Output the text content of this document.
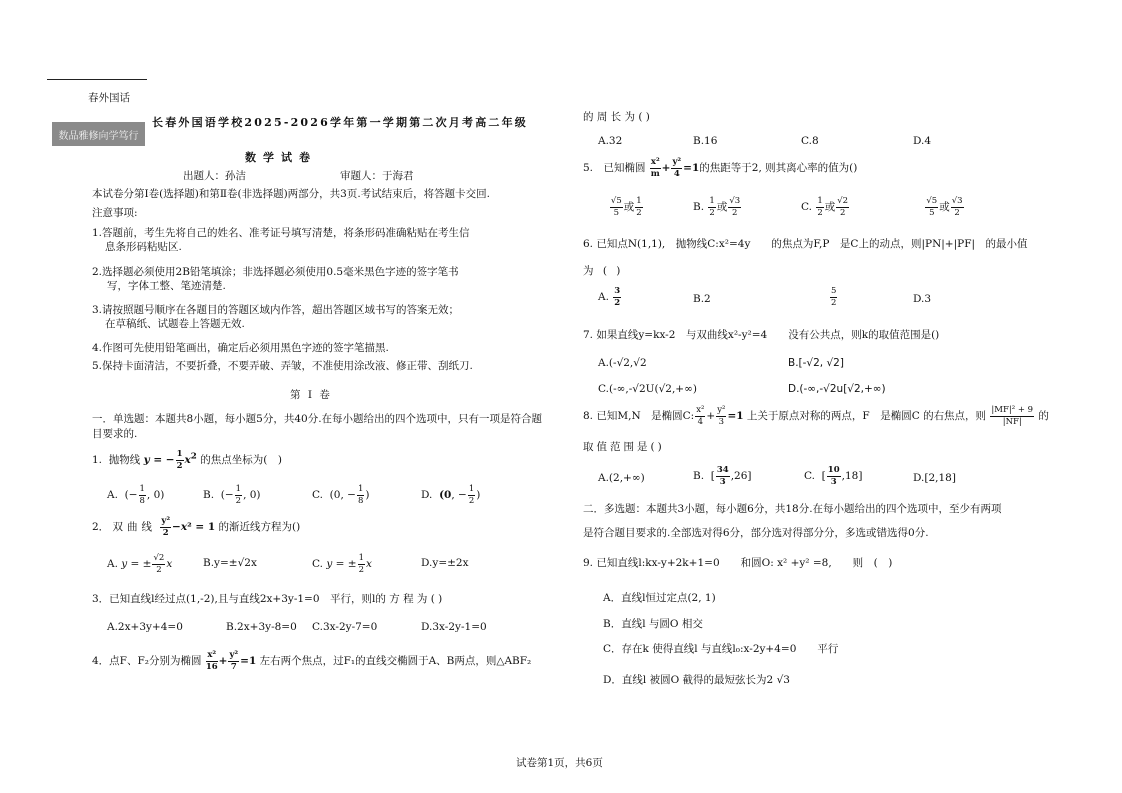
春外国话
数品雅修向学笃行
长春外国语学校2025-2026学年第一学期第二次月考高二年级
数学试卷
出题人：孙洁	审题人：于海君
本试卷分第Ⅰ卷(选择题)和第Ⅱ卷(非选择题)两部分，共3页.考试结束后，将答题卡交回.
注意事项:
1.答题前，考生先将自己的姓名、准考证号填写清楚，将条形码准确粘贴在考生信
息条形码粘贴区.
2.选择题必须使用2B铅笔填涂；非选择题必须使用0.5毫米黑色字迹的签字笔书
写，字体工整、笔迹清楚.
3.请按照题号顺序在各题目的答题区域内作答，超出答题区域书写的答案无效；
在草稿纸、试题卷上答题无效.
4.作图可先使用铅笔画出，确定后必须用黑色字迹的签字笔描黑.
5.保持卡面清洁，不要折叠，不要弄破、弄皱，不准使用涂改液、修正带、刮纸刀.
第 Ⅰ 卷
一．单选题：本题共8小题，每小题5分，共40分.在每小题给出的四个选项中，只有一项是符合题
目要求的.
1. 抛物线 y = − $\frac{1}{2} x^2$ 的焦点坐标为(　)
A.  (− $\frac{1}{8}$ , 0)	B.  (− $\frac{1}{2}$ , 0)	C.  (0, − $\frac{1}{8}$ )	D. (0, − $\frac{1}{2}$ )
2． 双曲线 $\frac{\text{y²}}{2} -x^2 = 1$ 的渐近线方程为()
A. y = ± $\frac{√2}{2}$ x	B.y=±√2x	C. y = ± $\frac{1}{2}$ x	D.y=±2x
3．已知直线l经过点(1,-2),且与直线2x+3y-1=0　平行，则l的 方 程 为 ( )
A.2x+3y+4=0	B.2x+3y-8=0 C.3x-2y-7=0	D.3x-2y-1=0
4．点F、F₂分别为椭圆 $\frac{\text{x²}}{16} + \frac{\text{y²}}{7} =1$ 左右两个焦点，过F₁的直线交椭圆于A、B两点，则△ABF₂
的 周 长 为 ( )
A.32	B.16	C.8	D.4
5.　已知椭圆 $\frac{\text{x²}}{m} + \frac{\text{y²}}{4} =1$的焦距等于2, 则其离心率的值为()
A. $\frac{√5}{5}$ 或 $\frac{1}{2}$	B. $\frac{1}{2}$ 或 $\frac{√3}{2}$	C. $\frac{1}{2}$ 或 $\frac{√2}{2}$	D. $\frac{√5}{5}$ 或 $\frac{√3}{2}$
6. 已知点N(1,1),　抛物线C:x²=4y　　的焦点为F,P　是C上的动点，则|PN|+|PF|　的最小值
为 ( )
A. $\frac{3}{2}$	B.2	C. $\frac{5}{2}$	D.3
7. 如果直线y=kx-2　与双曲线x²-y²=4　　没有公共点，则k的取值范围是()
A.(-√2,√2	B.[-√2, √2]
C.(-∞,-√2U(√2,+∞)	D.(-∞,-√2u[√2,+∞)
8. 已知M,N　是椭圆C: $\frac{\text{x²}}{4} + \frac{\text{y²}}{3} =1$ 上关于原点对称的两点，F　是椭圆C 的右焦点，则 $\frac{\text{|MF|² + 9}}{|NF|}$ 的
取值范围是()
A.(2,+∞)	B.  [ $\frac{34}{3} ,26$]	C.  [ $\frac{10}{3} ,18$]	D.[2,18]
二．多选题：本题共3小题，每小题6分，共18分.在每小题给出的四个选项中，至少有两项
是符合题目要求的.全部选对得6分，部分选对得部分分，多选或错选得0分.
9. 已知直线l:kx-y+2k+1=0　　和圆O: x² +y² =8,　　则　(　)
A．直线l恒过定点(2, 1)
B．直线l 与圆O 相交
C．存在k 使得直线l 与直线l₀:x-2y+4=0　　平行
D．直线l 被圆O 截得的最短弦长为2 √3
试卷第1页，共6页
